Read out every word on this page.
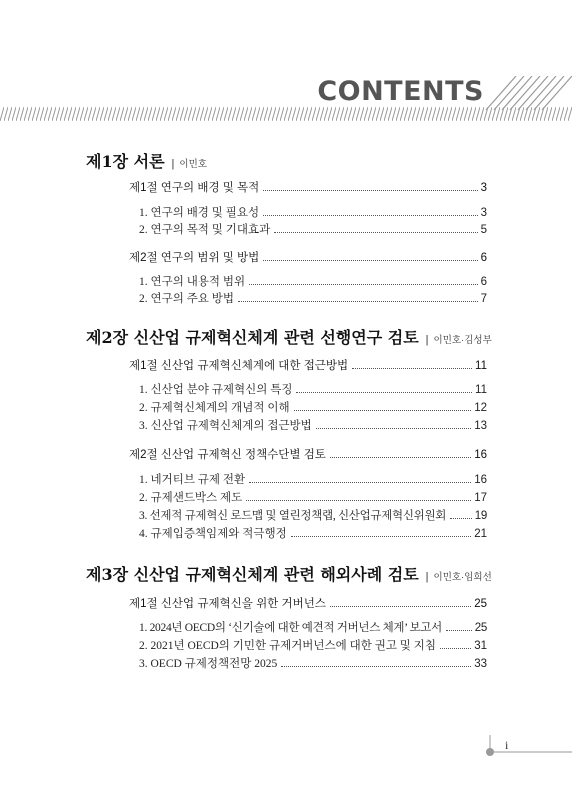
CONTENTS
제1장 서론 | 이민호
제1절 연구의 배경 및 목적	3
1. 연구의 배경 및 필요성	3
2. 연구의 목적 및 기대효과	5
제2절 연구의 범위 및 방법	6
1. 연구의 내용적 범위	6
2. 연구의 주요 방법	7
제2장 신산업 규제혁신체계 관련 선행연구 검토 | 이민호·김성부
제1절 신산업 규제혁신체계에 대한 접근방법	11
1. 신산업 분야 규제혁신의 특징	11
2. 규제혁신체계의 개념적 이해	12
3. 신산업 규제혁신체계의 접근방법	13
제2절 신산업 규제혁신 정책수단별 검토	16
1. 네거티브 규제 전환	16
2. 규제샌드박스 제도	17
3. 선제적 규제혁신 로드맵 및 열린정책랩, 신산업규제혁신위원회 19
4. 규제입증책임제와 적극행정	21
제3장 신산업 규제혁신체계 관련 해외사례 검토 | 이민호·임희선
제1절 신산업 규제혁신을 위한 거버넌스	25
1. 2024년 OECD의 ‘신기술에 대한 예견적 거버넌스 체계’ 보고서	25
2. 2021년 OECD의 기민한 규제거버넌스에 대한 권고 및 지침	31
3. OECD 규제정책전망 2025	33
i
